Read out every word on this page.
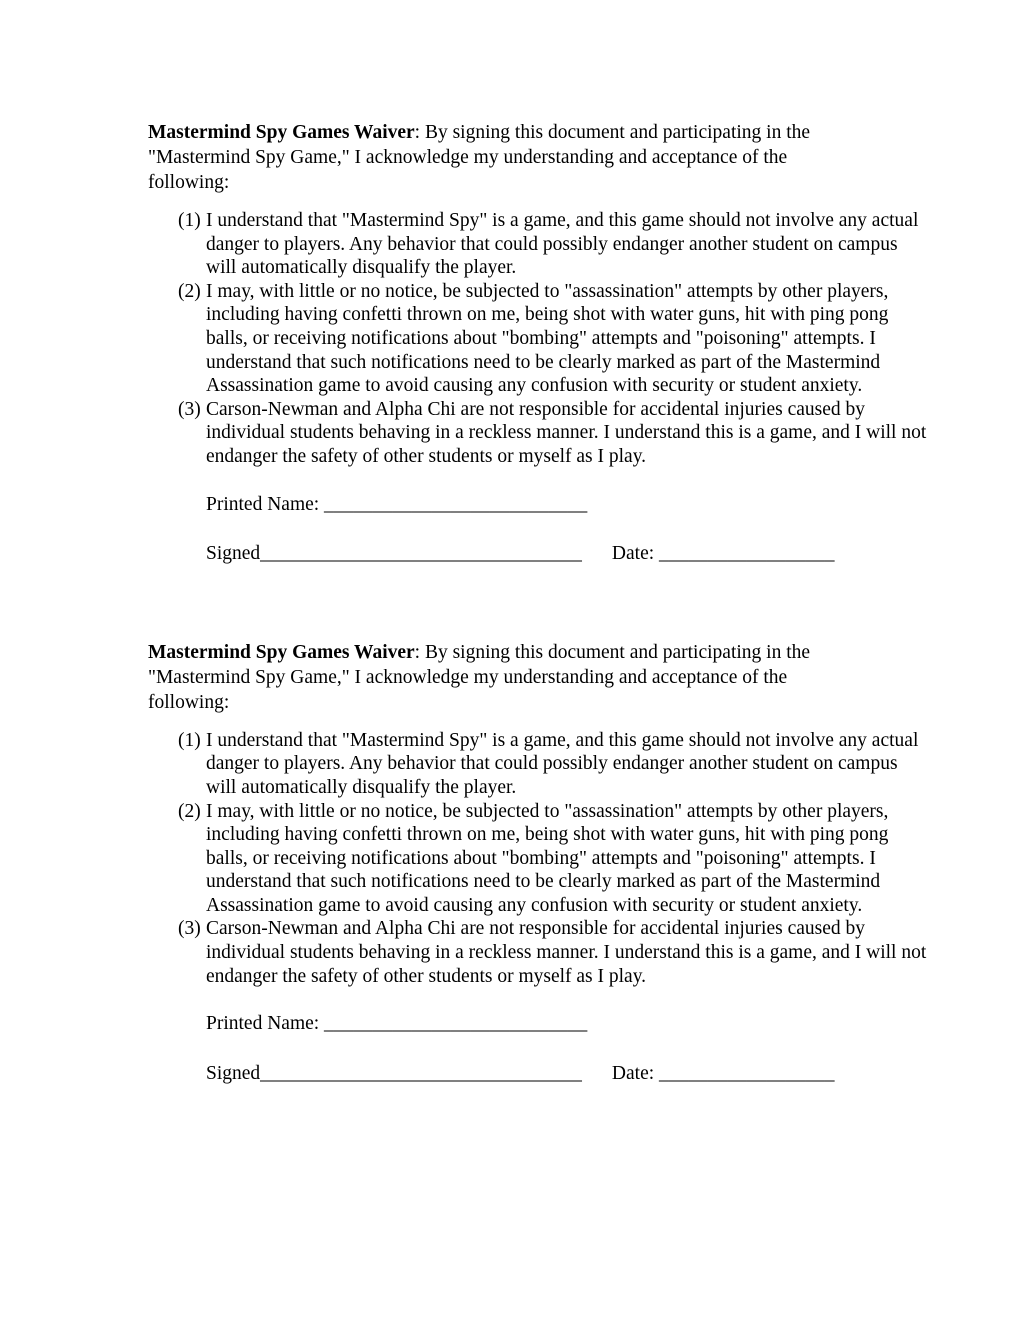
Mastermind Spy Games Waiver: By signing this document and participating in the "Mastermind Spy Game," I acknowledge my understanding and acceptance of the following:

(1) I understand that "Mastermind Spy" is a game, and this game should not involve any actual danger to players. Any behavior that could possibly endanger another student on campus will automatically disqualify the player.
(2) I may, with little or no notice, be subjected to "assassination" attempts by other players, including having confetti thrown on me, being shot with water guns, hit with ping pong balls, or receiving notifications about "bombing" attempts and "poisoning" attempts. I understand that such notifications need to be clearly marked as part of the Mastermind Assassination game to avoid causing any confusion with security or student anxiety.
(3) Carson-Newman and Alpha Chi are not responsible for accidental injuries caused by individual students behaving in a reckless manner. I understand this is a game, and I will not endanger the safety of other students or myself as I play.
Printed Name: ___________________________
Signed_________________________________ Date: __________________

Mastermind Spy Games Waiver: By signing this document and participating in the "Mastermind Spy Game," I acknowledge my understanding and acceptance of the following:

(1) I understand that "Mastermind Spy" is a game, and this game should not involve any actual danger to players. Any behavior that could possibly endanger another student on campus will automatically disqualify the player.
(2) I may, with little or no notice, be subjected to "assassination" attempts by other players, including having confetti thrown on me, being shot with water guns, hit with ping pong balls, or receiving notifications about "bombing" attempts and "poisoning" attempts. I understand that such notifications need to be clearly marked as part of the Mastermind Assassination game to avoid causing any confusion with security or student anxiety.
(3) Carson-Newman and Alpha Chi are not responsible for accidental injuries caused by individual students behaving in a reckless manner. I understand this is a game, and I will not endanger the safety of other students or myself as I play.
Printed Name: ___________________________
Signed_________________________________ Date: __________________
